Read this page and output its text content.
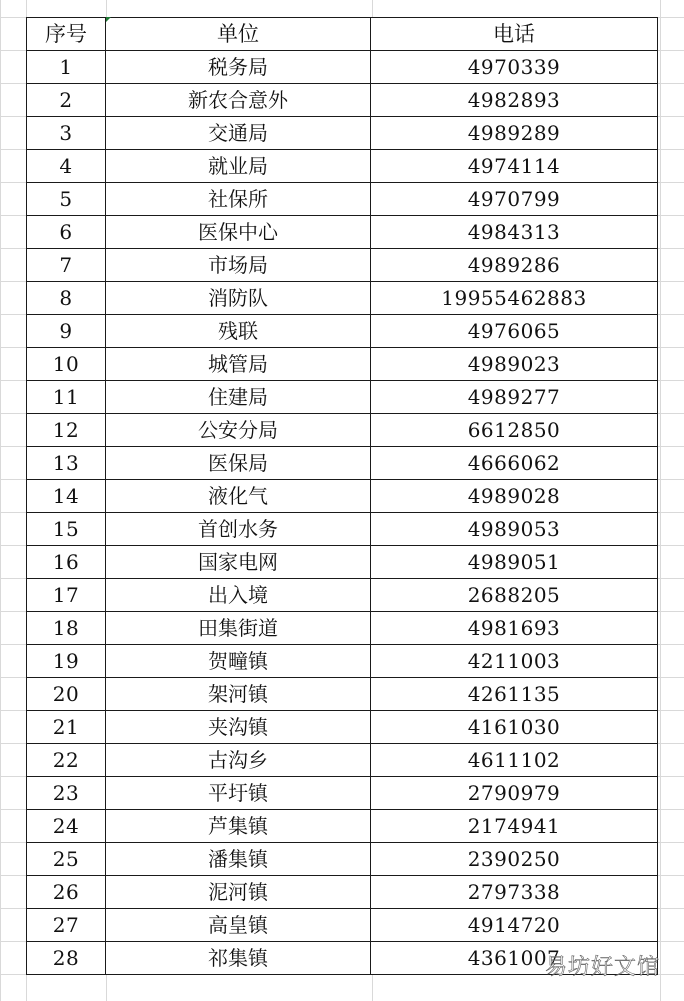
序号	单位	电话
1	税务局	4970339
2	新农合意外	4982893
3	交通局	4989289
4	就业局	4974114
5	社保所	4970799
6	医保中心	4984313
7	市场局	4989286
8	消防队	19955462883
9	残联	4976065
10	城管局	4989023
11	住建局	4989277
12	公安分局	6612850
13	医保局	4666062
14	液化气	4989028
15	首创水务	4989053
16	国家电网	4989051
17	出入境	2688205
18	田集街道	4981693
19	贺疃镇	4211003
20	架河镇	4261135
21	夹沟镇	4161030
22	古沟乡	4611102
23	平圩镇	2790979
24	芦集镇	2174941
25	潘集镇	2390250
26	泥河镇	2797338
27	高皇镇	4914720
28	祁集镇	4361007
易坊好文馆
